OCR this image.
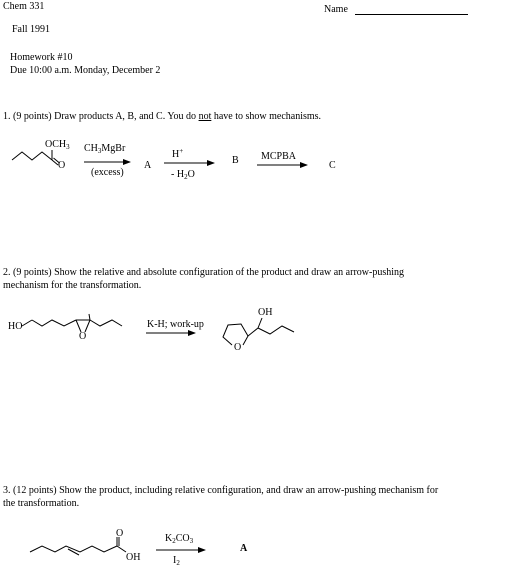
Chem 331	Name
Fall 1991
Homework #10
Due 10:00 a.m. Monday, December 2
1. (9 points) Draw products A, B, and C. You do not have to show mechanisms.
$OCH_3$
O
$CH_3MgBr$
(excess)
A
H+
- $H_2O$
B MCPBA
C
2. (9 points) Show the relative and absolute configuration of the product and draw an arrow-pushing
mechanism for the transformation.
HO
O
K-H; work-up
OH
O
3. (12 points) Show the product, including relative configuration, and draw an arrow-pushing mechanism for
the transformation.
O
OH
$K_2CO_3$
$I_2$
A
